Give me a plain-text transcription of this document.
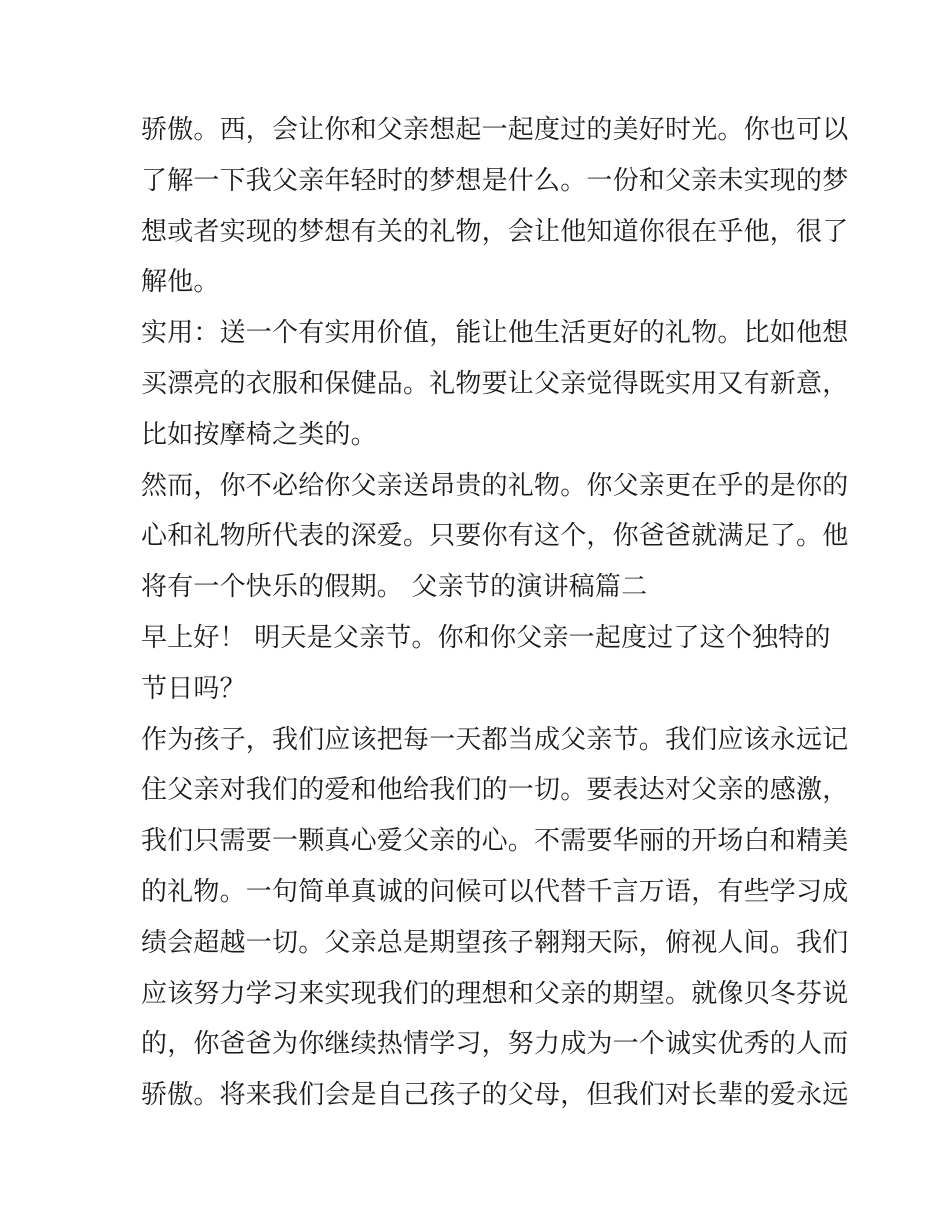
骄傲。西，会让你和父亲想起一起度过的美好时光。你也可以
了解一下我父亲年轻时的梦想是什么。一份和父亲未实现的梦
想或者实现的梦想有关的礼物，会让他知道你很在乎他，很了
解他。
实用：送一个有实用价值，能让他生活更好的礼物。比如他想
买漂亮的衣服和保健品。礼物要让父亲觉得既实用又有新意，
比如按摩椅之类的。
然而，你不必给你父亲送昂贵的礼物。你父亲更在乎的是你的
心和礼物所代表的深爱。只要你有这个，你爸爸就满足了。他
将有一个快乐的假期。 父亲节的演讲稿篇二
早上好！ 明天是父亲节。你和你父亲一起度过了这个独特的
节日吗？
作为孩子，我们应该把每一天都当成父亲节。我们应该永远记
住父亲对我们的爱和他给我们的一切。要表达对父亲的感激，
我们只需要一颗真心爱父亲的心。不需要华丽的开场白和精美
的礼物。一句简单真诚的问候可以代替千言万语，有些学习成
绩会超越一切。父亲总是期望孩子翱翔天际，俯视人间。我们
应该努力学习来实现我们的理想和父亲的期望。就像贝冬芬说
的，你爸爸为你继续热情学习，努力成为一个诚实优秀的人而
骄傲。将来我们会是自己孩子的父母，但我们对长辈的爱永远
